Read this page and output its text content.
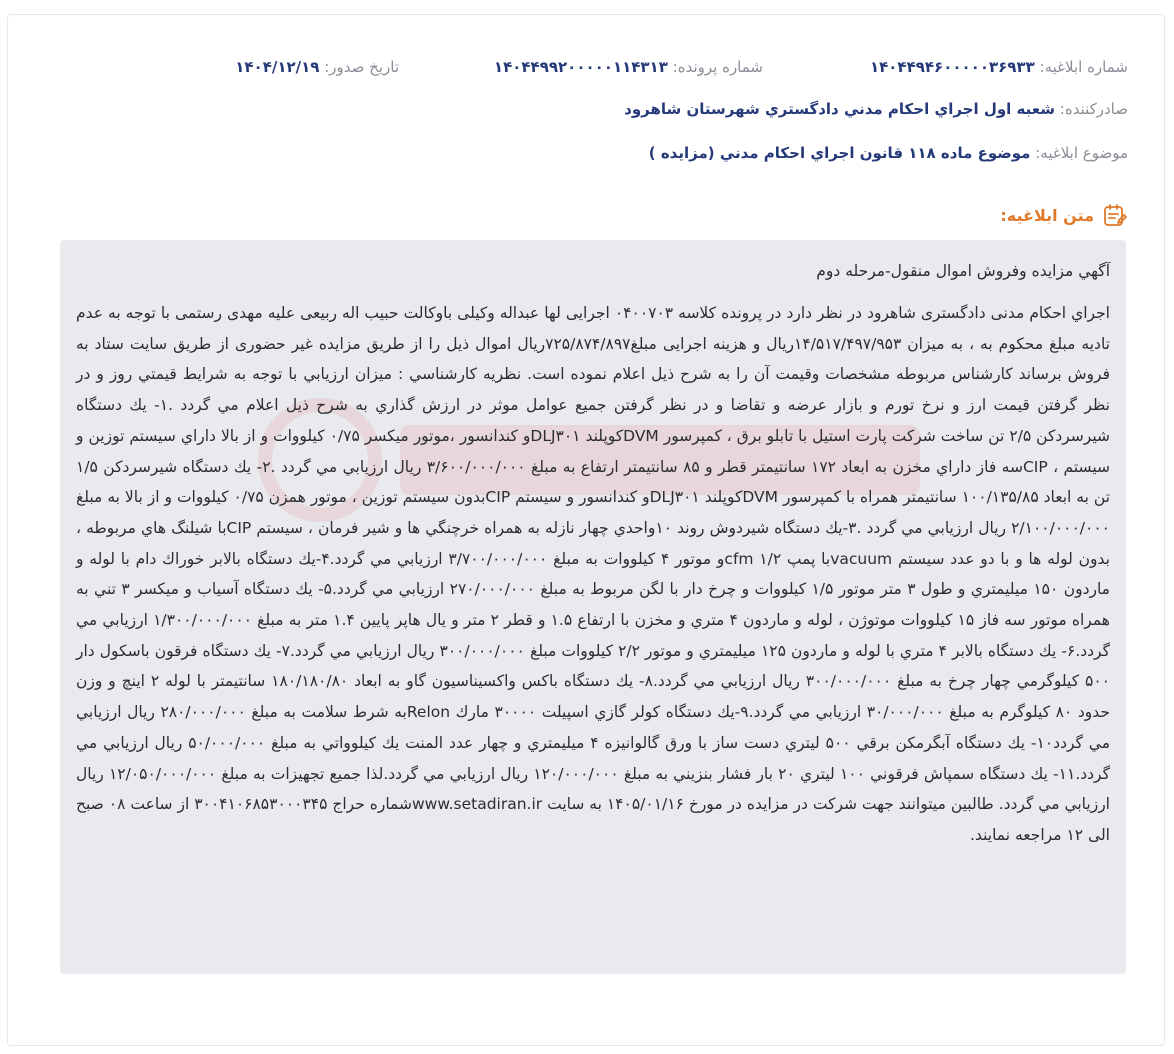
شماره ابلاغیه: ۱۴۰۴۴۹۴۶۰۰۰۰۰۳۶۹۳۳
شماره پرونده: ۱۴۰۴۴۹۹۲۰۰۰۰۰۱۱۴۳۱۳
تاریخ صدور: ۱۴۰۴/۱۲/۱۹
صادرکننده: شعبه اول اجراي احکام مدني دادگستري شهرستان شاهرود
موضوع ابلاغیه: موضوع ماده ۱۱۸ قانون اجراي احکام مدني (مزايده )
متن ابلاغیه:

آگهي مزايده وفروش اموال منقول-مرحله دوم

اجراي احکام مدنی دادگستری شاهرود در نظر دارد در پرونده کلاسه ۰۴۰۰۷۰۳ اجرایی لها عبداله وکیلی باوکالت حبیب اله ربیعی علیه مهدی رستمی با توجه به عدم تادیه مبلغ محکوم به ، به میزان ۱۴/۵۱۷/۴۹۷/۹۵۳ریال و هزینه اجرایی مبلغ۷۲۵/۸۷۴/۸۹۷ریال اموال ذیل را از طریق مزایده غیر حضوری از طریق سایت ستاد به فروش برساند کارشناس مربوطه مشخصات وقیمت آن را به شرح ذیل اعلام نموده است. نظريه کارشناسي : ميزان ارزيابي با توجه به شرايط قيمتي روز و در نظر گرفتن قيمت ارز و نرخ تورم و بازار عرضه و تقاضا و در نظر گرفتن جميع عوامل موثر در ارزش گذاري به شرح ذيل اعلام مي گردد .۱- يك دستگاه شيرسردكن ۲/۵ تن ساخت شركت پارت استيل با تابلو برق ، كمپرسور DVMكوپلند DLJ۳۰۱و كندانسور ،موتور ميكسر ۰/۷۵ كيلووات و از بالا داراي سيستم توزين و سيستم ، CIPسه فاز داراي مخزن به ابعاد ۱۷۲ سانتيمتر قطر و ۸۵ سانتيمتر ارتفاع به مبلغ ۳/۶۰۰/۰۰۰/۰۰۰ ريال ارزيابي مي گردد .۲- يك دستگاه شيرسردكن ۱/۵ تن به ابعاد ۱۰۰/۱۳۵/۸۵ سانتيمتر همراه با كمپرسور DVMكوپلند DLJ۳۰۱و كندانسور و سيستم CIPبدون سيستم توزين ، موتور همزن ۰/۷۵ كيلووات و از بالا به مبلغ ۲/۱۰۰/۰۰۰/۰۰۰ ريال ارزيابي مي گردد .۳-يك دستگاه شيردوش روند ۱۰واحدي چهار نازله به همراه خرچنگي ها و شير فرمان ، سيستم CIPبا شيلنگ هاي مربوطه ، بدون لوله ها و با دو عدد سيستم vacuumبا پمپ cfm ۱/۲و موتور ۴ كيلووات به مبلغ ۳/۷۰۰/۰۰۰/۰۰۰ ارزيابي مي گردد.۴-يك دستگاه بالابر خوراك دام با لوله و ماردون ۱۵۰ ميليمتري و طول ۳ متر موتور ۱/۵ كيلووات و چرخ دار با لگن مربوط به مبلغ ۲۷۰/۰۰۰/۰۰۰ ارزيابي مي گردد.۵- يك دستگاه آسياب و ميكسر ۳ تني به همراه موتور سه فاز ۱۵ كيلووات موتوژن ، لوله و ماردون ۴ متري و مخزن با ارتفاع ۱.۵ و قطر ۲ متر و يال هاپر پايين ۱.۴ متر به مبلغ ۱/۳۰۰/۰۰۰/۰۰۰ ارزيابي مي گردد.۶- يك دستگاه بالابر ۴ متري با لوله و ماردون ۱۲۵ ميليمتري و موتور ۲/۲ كيلووات مبلغ ۳۰۰/۰۰۰/۰۰۰ ريال ارزيابي مي گردد.۷- يك دستگاه فرقون باسكول دار ۵۰۰ كيلوگرمي چهار چرخ به مبلغ ۳۰۰/۰۰۰/۰۰۰ ريال ارزيابي مي گردد.۸- يك دستگاه باكس واكسيناسيون گاو به ابعاد ۱۸۰/۱۸۰/۸۰ سانتيمتر با لوله ۲ اينچ و وزن حدود ۸۰ كيلوگرم به مبلغ ۳۰/۰۰۰/۰۰۰ ارزيابي مي گردد.۹-يك دستگاه كولر گازي اسپيلت ۳۰۰۰۰ مارك Relonبه شرط سلامت به مبلغ ۲۸۰/۰۰۰/۰۰۰ ريال ارزيابي مي گردد۱۰- يك دستگاه آبگرمكن برقي ۵۰۰ ليتري دست ساز با ورق گالوانيزه ۴ ميليمتري و چهار عدد المنت يك كيلوواتي به مبلغ ۵۰/۰۰۰/۰۰۰ ريال ارزيابي مي گردد.۱۱- يك دستگاه سمپاش فرقوني ۱۰۰ ليتري ۲۰ بار فشار بنزيني به مبلغ ۱۲۰/۰۰۰/۰۰۰ ريال ارزيابي مي گردد.لذا جميع تجهيزات به مبلغ ۱۲/۰۵۰/۰۰۰/۰۰۰ ريال ارزيابي مي گردد. طالبين ميتوانند جهت شركت در مزايده در مورخ ۱۴۰۵/۰۱/۱۶ به سايت www.setadiran.irشماره حراج ۳۰۰۴۱۰۶۸۵۳۰۰۰۳۴۵ از ساعت ۰۸ صبح الی ۱۲ مراجعه نمايند.
